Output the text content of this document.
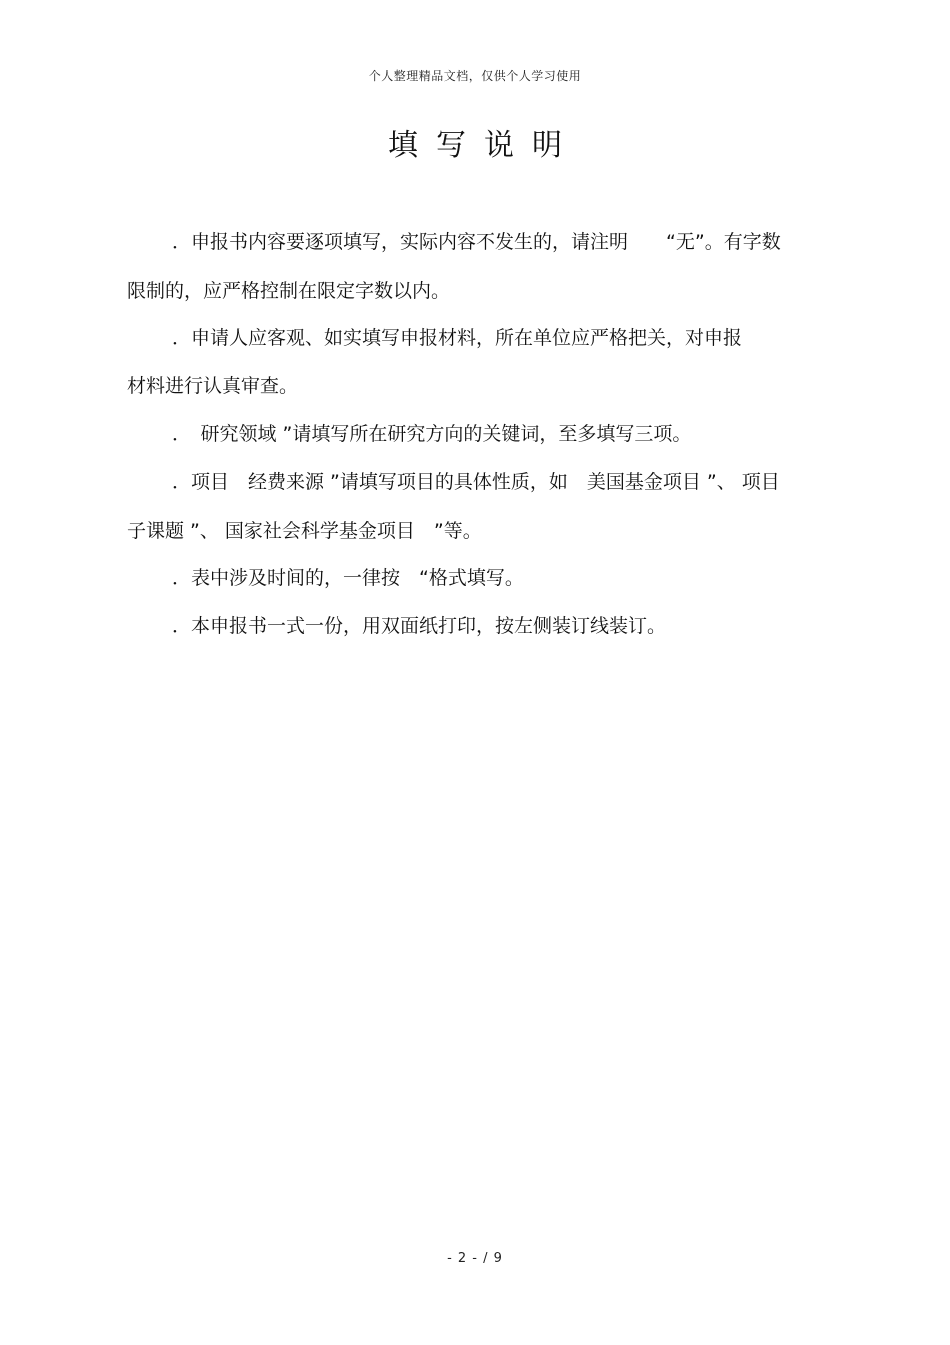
个人整理精品文档，仅供个人学习使用
填写说明
．申报书内容要逐项填写，实际内容不发生的，请注明　　“无”。有字数
限制的，应严格控制在限定字数以内。
．申请人应客观、如实填写申报材料，所在单位应严格把关，对申报
材料进行认真审查。
．　研究领域 ”请填写所在研究方向的关键词，至多填写三项。
．项目　经费来源 ”请填写项目的具体性质，如　美国基金项目 ”、 项目
子课题 ”、 国家社会科学基金项目　”等。
．表中涉及时间的，一律按　“格式填写。
．本申报书一式一份，用双面纸打印，按左侧装订线装订。
- 2 - / 9
